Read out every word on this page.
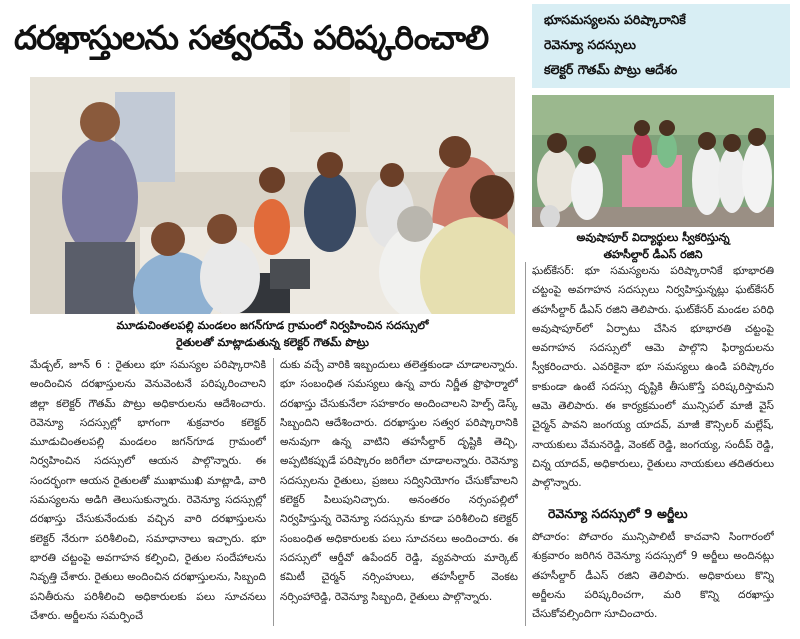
దరఖాస్తులను సత్వరమే పరిష్కరించాలి	భూసమస్యలను పరిష్కారానికే
రెవెన్యూ సదస్సులు
కలెక్టర్ గౌతమ్ పొట్రు ఆదేశం
మూడుచింతలపల్లి మండలం జగన్‌గూడ గ్రామంలో నిర్వహించిన సదస్సులో
రైతులతో మాట్లాడుతున్న కలెక్టర్ గౌతమ్ పొట్రు
అవుషాపూర్ విద్యార్థులు స్వీకరిస్తున్న
తహసీల్దార్ డీఎస్ రజిని

మేడ్చల్, జూన్ 6 : రైతులు భూ సమస్యల పరిష్కారానికి అందించిన దరఖాస్తులను వెనువెంటనే పరిష్కరించాలని జిల్లా కలెక్టర్ గౌతమ్ పొట్రు అధికారులను ఆదేశించారు. రెవెన్యూ సదస్సుల్లో భాగంగా శుక్రవారం కలెక్టర్ మూడుచింతలపల్లి మండలం జగన్‌గూడ గ్రామంలో నిర్వహించిన సదస్సులో ఆయన పాల్గొన్నారు. ఈ సందర్భంగా ఆయన రైతులతో ముఖాముఖి మాట్లాడి, వారి సమస్యలను అడిగి తెలుసుకున్నారు. రెవెన్యూ సదస్సుల్లో దరఖాస్తు చేసుకునేందుకు వచ్చిన వారి దరఖాస్తులను కలెక్టర్ నేరుగా పరిశీలించి, సమాధానాలు ఇచ్చారు. భూ భారతి చట్టంపై అవగాహన కల్పించి, రైతుల సందేహాలను నివృత్తి చేశారు. రైతులు అందించిన దరఖాస్తులను, సిబ్బంది పనితీరును పరిశీలించి అధికారులకు పలు సూచనలు చేశారు. అర్జీలను సమర్పించే

దుకు వచ్చే వారికి ఇబ్బందులు తలెత్తకుండా చూడాలన్నారు. భూ సంబంధిత సమస్యలు ఉన్న వారు నిర్ణీత ఫ్రొఫార్మాలో దరఖాస్తు చేసుకునేలా సహకారం అందించాలని హెల్ప్ డెస్క్ సిబ్బందిని ఆదేశించారు. దరఖాస్తుల సత్వర పరిష్కారానికి అనువుగా ఉన్న వాటిని తహసీల్దార్ దృష్టికి తెచ్చి, అప్పటికప్పుడే పరిష్కారం జరిగేలా చూడాలన్నారు. రెవెన్యూ సదస్సులను రైతులు, ప్రజలు సద్వినియోగం చేసుకోవాలని కలెక్టర్ పిలుపునిచ్చారు. అనంతరం నర్సంపల్లిలో నిర్వహిస్తున్న రెవెన్యూ సదస్సును కూడా పరిశీలించి కలెక్టర్ సంబంధిత అధికారులకు పలు సూచనలు అందించారు. ఈ సదస్సులో ఆర్డీవో ఉపేందర్ రెడ్డి, వ్యవసాయ మార్కెట్ కమిటీ చైర్మన్ నర్సింహులు, తహసీల్దార్ వెంకట నర్సింహారెడ్డి, రెవెన్యూ సిబ్బంది, రైతులు పాల్గొన్నారు.

ఘట్‌కేసర్: భూ సమస్యలను పరిష్కారానికే భూభారతి చట్టంపై అవగాహన సదస్సులు నిర్వహిస్తున్నట్లు ఘట్‌కేసర్ తహసీల్దార్ డీఎస్ రజిని తెలిపారు. ఘట్‌కేసర్ మండల పరిధి అవుషాపూర్‌లో ఏర్పాటు చేసిన భూభారతి చట్టంపై అవగాహన సదస్సులో ఆమె పాల్గొని ఫిర్యాదులను స్వీకరించారు. ఎవరికైనా భూ సమస్యలు ఉండి పరిష్కారం కాకుండా ఉంటే సదస్సు దృష్టికి తీసుకొస్తే పరిష్కరిస్తామని ఆమె తెలిపారు. ఈ కార్యక్రమంలో మున్సిపల్ మాజీ వైస్ చైర్మన్ పావని జంగయ్య యాదవ్, మాజీ కౌన్సిలర్ మల్లేష్, నాయకులు వేమనరెడ్డి, వెంకట్ రెడ్డి, జంగయ్య, సందీప్ రెడ్డి, చిన్న యాదవ్, అధికారులు, రైతులు నాయకులు తదితరులు పాల్గొన్నారు.

రెవెన్యూ సదస్సులో 9 అర్జీలు

పోచారం: పోచారం మున్సిపాలిటీ కాచవాని సింగారంలో శుక్రవారం జరిగిన రెవెన్యూ సదస్సులో 9 అర్జీలు అందినట్లు తహసీల్దార్ డీఎస్ రజిని తెలిపారు. అధికారులు కొన్ని అర్జీలను పరిష్కరించగా, మరి కొన్ని దరఖాస్తు చేసుకోవల్సిందిగా సూచించారు.
